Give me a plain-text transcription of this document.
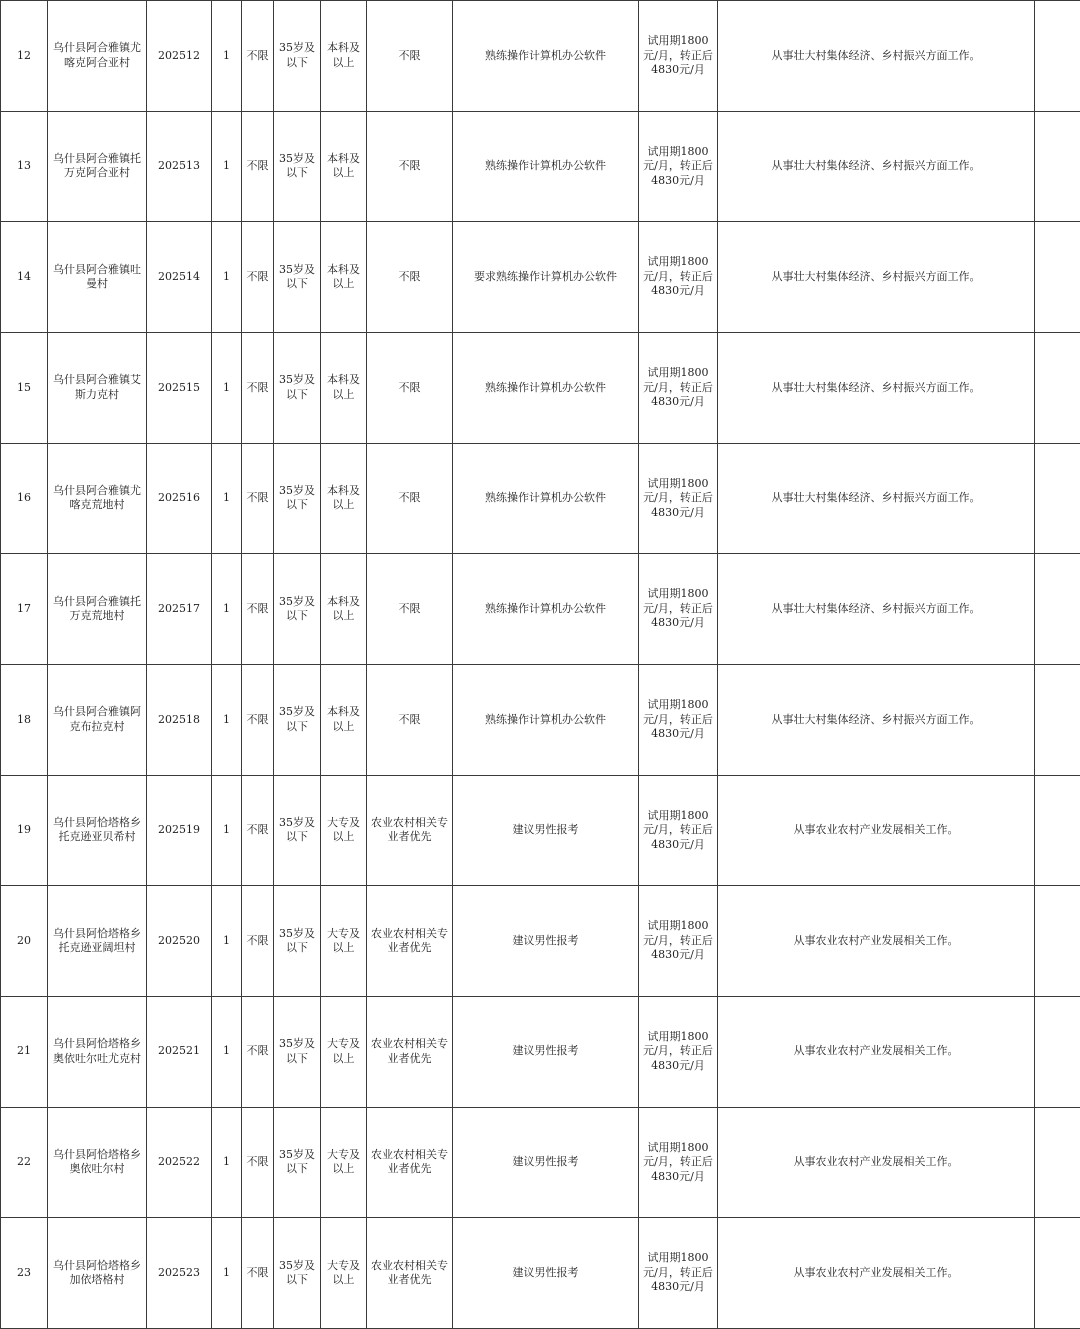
12	乌什县阿合雅镇尤喀克阿合亚村	202512	1	不限	35岁及以下	本科及以上	不限	熟练操作计算机办公软件	试用期1800元/月，转正后4830元/月	从事壮大村集体经济、乡村振兴方面工作。	
13	乌什县阿合雅镇托万克阿合亚村	202513	1	不限	35岁及以下	本科及以上	不限	熟练操作计算机办公软件	试用期1800元/月，转正后4830元/月	从事壮大村集体经济、乡村振兴方面工作。	
14	乌什县阿合雅镇吐曼村	202514	1	不限	35岁及以下	本科及以上	不限	要求熟练操作计算机办公软件	试用期1800元/月，转正后4830元/月	从事壮大村集体经济、乡村振兴方面工作。	
15	乌什县阿合雅镇艾斯力克村	202515	1	不限	35岁及以下	本科及以上	不限	熟练操作计算机办公软件	试用期1800元/月，转正后4830元/月	从事壮大村集体经济、乡村振兴方面工作。	
16	乌什县阿合雅镇尤喀克荒地村	202516	1	不限	35岁及以下	本科及以上	不限	熟练操作计算机办公软件	试用期1800元/月，转正后4830元/月	从事壮大村集体经济、乡村振兴方面工作。	
17	乌什县阿合雅镇托万克荒地村	202517	1	不限	35岁及以下	本科及以上	不限	熟练操作计算机办公软件	试用期1800元/月，转正后4830元/月	从事壮大村集体经济、乡村振兴方面工作。	
18	乌什县阿合雅镇阿克布拉克村	202518	1	不限	35岁及以下	本科及以上	不限	熟练操作计算机办公软件	试用期1800元/月，转正后4830元/月	从事壮大村集体经济、乡村振兴方面工作。	
19	乌什县阿恰塔格乡托克逊亚贝希村	202519	1	不限	35岁及以下	大专及以上	农业农村相关专业者优先	建议男性报考	试用期1800元/月，转正后4830元/月	从事农业农村产业发展相关工作。	
20	乌什县阿恰塔格乡托克逊亚阔坦村	202520	1	不限	35岁及以下	大专及以上	农业农村相关专业者优先	建议男性报考	试用期1800元/月，转正后4830元/月	从事农业农村产业发展相关工作。	
21	乌什县阿恰塔格乡奥依吐尔吐尤克村	202521	1	不限	35岁及以下	大专及以上	农业农村相关专业者优先	建议男性报考	试用期1800元/月，转正后4830元/月	从事农业农村产业发展相关工作。	
22	乌什县阿恰塔格乡奥依吐尔村	202522	1	不限	35岁及以下	大专及以上	农业农村相关专业者优先	建议男性报考	试用期1800元/月，转正后4830元/月	从事农业农村产业发展相关工作。	
23	乌什县阿恰塔格乡加依塔格村	202523	1	不限	35岁及以下	大专及以上	农业农村相关专业者优先	建议男性报考	试用期1800元/月，转正后4830元/月	从事农业农村产业发展相关工作。	
